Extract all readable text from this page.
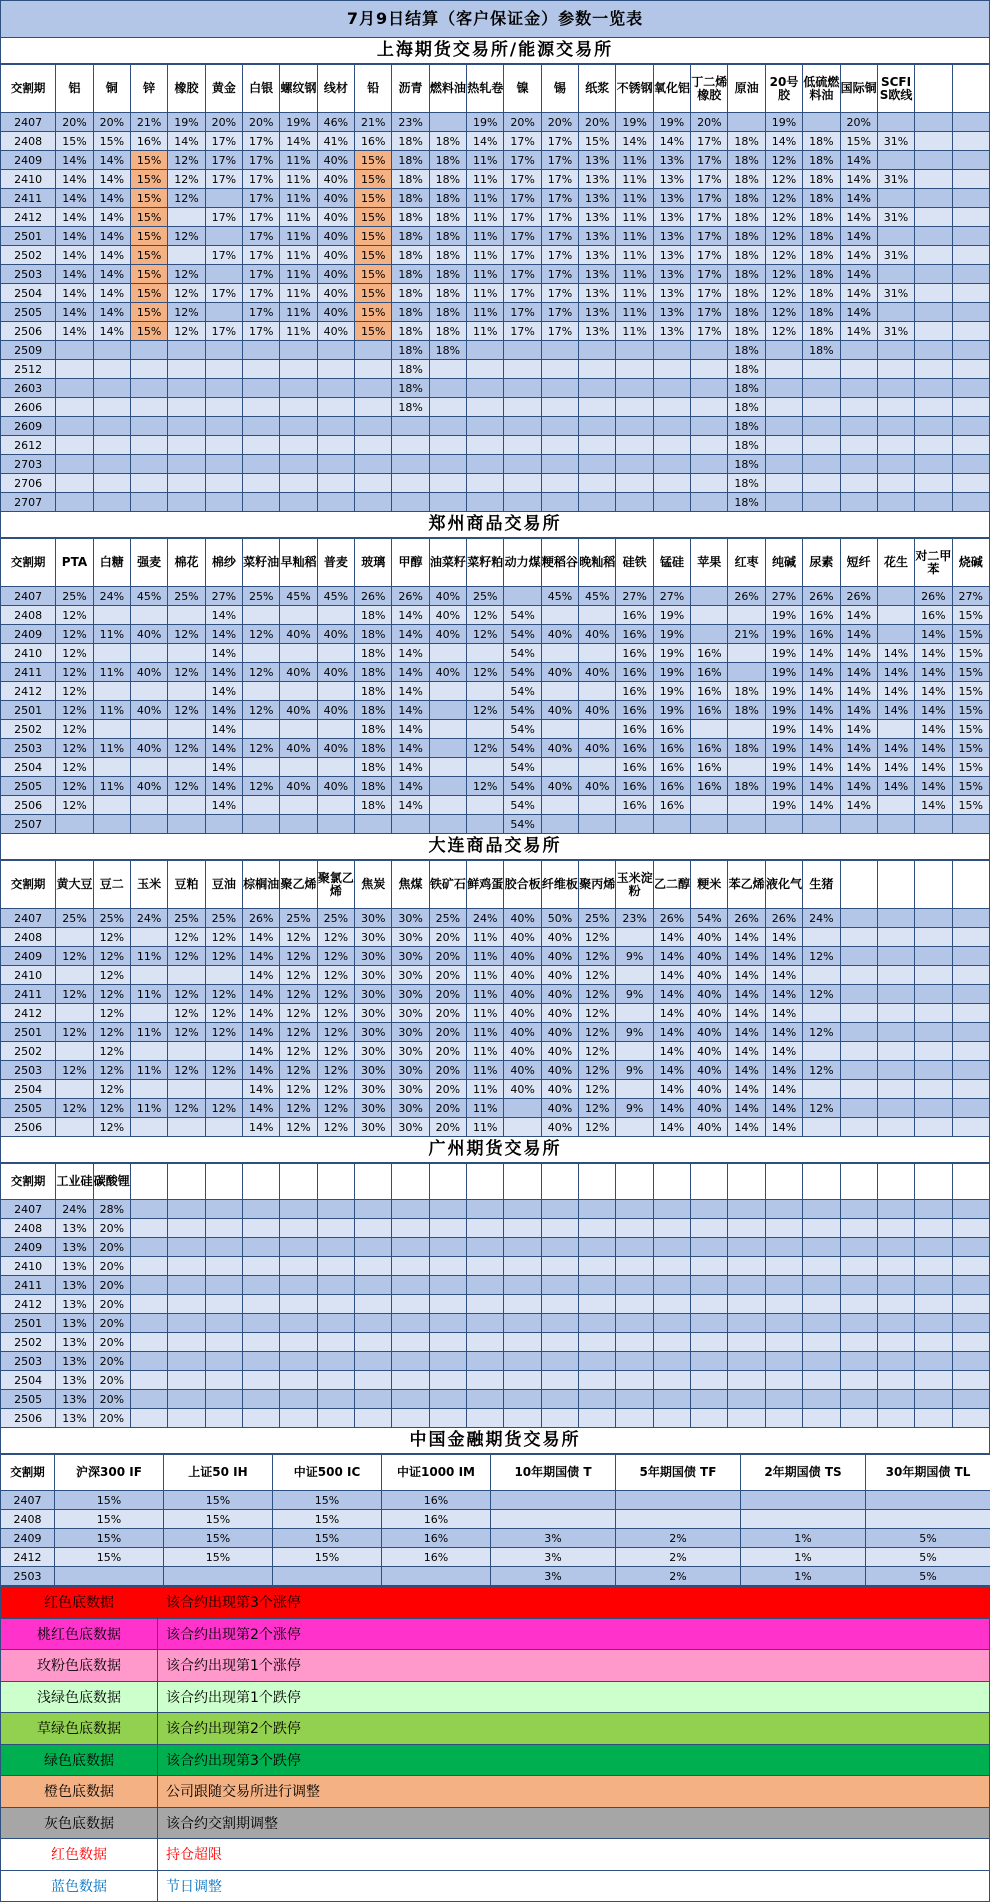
7月9日结算（客户保证金）参数一览表
上海期货交易所/能源交易所
交割期	铝	铜	锌	橡胶	黄金	白银	螺纹钢	线材	铅	沥青	燃料油	热轧卷	镍	锡	纸浆	不锈钢	氧化铝	丁二烯橡胶	原油	20号胶	低硫燃料油	国际铜	SCFIS欧线		
2407	20%	20%	21%	19%	20%	20%	19%	46%	21%	23%		19%	20%	20%	20%	19%	19%	20%		19%		20%			
2408	15%	15%	16%	14%	17%	17%	14%	41%	16%	18%	18%	14%	17%	17%	15%	14%	14%	17%	18%	14%	18%	15%	31%		
2409	14%	14%	15%	12%	17%	17%	11%	40%	15%	18%	18%	11%	17%	17%	13%	11%	13%	17%	18%	12%	18%	14%			
2410	14%	14%	15%	12%	17%	17%	11%	40%	15%	18%	18%	11%	17%	17%	13%	11%	13%	17%	18%	12%	18%	14%	31%		
2411	14%	14%	15%	12%		17%	11%	40%	15%	18%	18%	11%	17%	17%	13%	11%	13%	17%	18%	12%	18%	14%			
2412	14%	14%	15%		17%	17%	11%	40%	15%	18%	18%	11%	17%	17%	13%	11%	13%	17%	18%	12%	18%	14%	31%		
2501	14%	14%	15%	12%		17%	11%	40%	15%	18%	18%	11%	17%	17%	13%	11%	13%	17%	18%	12%	18%	14%			
2502	14%	14%	15%		17%	17%	11%	40%	15%	18%	18%	11%	17%	17%	13%	11%	13%	17%	18%	12%	18%	14%	31%		
2503	14%	14%	15%	12%		17%	11%	40%	15%	18%	18%	11%	17%	17%	13%	11%	13%	17%	18%	12%	18%	14%			
2504	14%	14%	15%	12%	17%	17%	11%	40%	15%	18%	18%	11%	17%	17%	13%	11%	13%	17%	18%	12%	18%	14%	31%		
2505	14%	14%	15%	12%		17%	11%	40%	15%	18%	18%	11%	17%	17%	13%	11%	13%	17%	18%	12%	18%	14%			
2506	14%	14%	15%	12%	17%	17%	11%	40%	15%	18%	18%	11%	17%	17%	13%	11%	13%	17%	18%	12%	18%	14%	31%		
2509										18%	18%								18%		18%				
2512										18%									18%						
2603										18%									18%						
2606										18%									18%						
2609																			18%						
2612																			18%						
2703																			18%						
2706																			18%						
2707																			18%						
郑州商品交易所
交割期	PTA	白糖	强麦	棉花	棉纱	菜籽油	早籼稻	普麦	玻璃	甲醇	油菜籽	菜籽粕	动力煤	粳稻谷	晚籼稻	硅铁	锰硅	苹果	红枣	纯碱	尿素	短纤	花生	对二甲苯	烧碱
2407	25%	24%	45%	25%	27%	25%	45%	45%	26%	26%	40%	25%		45%	45%	27%	27%		26%	27%	26%	26%		26%	27%
2408	12%				14%				18%	14%	40%	12%	54%			16%	19%			19%	16%	14%		16%	15%
2409	12%	11%	40%	12%	14%	12%	40%	40%	18%	14%	40%	12%	54%	40%	40%	16%	19%		21%	19%	16%	14%		14%	15%
2410	12%				14%				18%	14%			54%			16%	19%	16%		19%	14%	14%	14%	14%	15%
2411	12%	11%	40%	12%	14%	12%	40%	40%	18%	14%	40%	12%	54%	40%	40%	16%	19%	16%		19%	14%	14%	14%	14%	15%
2412	12%				14%				18%	14%			54%			16%	19%	16%	18%	19%	14%	14%	14%	14%	15%
2501	12%	11%	40%	12%	14%	12%	40%	40%	18%	14%		12%	54%	40%	40%	16%	19%	16%	18%	19%	14%	14%	14%	14%	15%
2502	12%				14%				18%	14%			54%			16%	16%			19%	14%	14%		14%	15%
2503	12%	11%	40%	12%	14%	12%	40%	40%	18%	14%		12%	54%	40%	40%	16%	16%	16%	18%	19%	14%	14%	14%	14%	15%
2504	12%				14%				18%	14%			54%			16%	16%	16%		19%	14%	14%	14%	14%	15%
2505	12%	11%	40%	12%	14%	12%	40%	40%	18%	14%		12%	54%	40%	40%	16%	16%	16%	18%	19%	14%	14%	14%	14%	15%
2506	12%				14%				18%	14%			54%			16%	16%			19%	14%	14%		14%	15%
2507													54%												
大连商品交易所
交割期	黄大豆	豆二	玉米	豆粕	豆油	棕榈油	聚乙烯	聚氯乙烯	焦炭	焦煤	铁矿石	鲜鸡蛋	胶合板	纤维板	聚丙烯	玉米淀粉	乙二醇	粳米	苯乙烯	液化气	生猪				
2407	25%	25%	24%	25%	25%	26%	25%	25%	30%	30%	25%	24%	40%	50%	25%	23%	26%	54%	26%	26%	24%				
2408		12%		12%	12%	14%	12%	12%	30%	30%	20%	11%	40%	40%	12%		14%	40%	14%	14%					
2409	12%	12%	11%	12%	12%	14%	12%	12%	30%	30%	20%	11%	40%	40%	12%	9%	14%	40%	14%	14%	12%				
2410		12%				14%	12%	12%	30%	30%	20%	11%	40%	40%	12%		14%	40%	14%	14%					
2411	12%	12%	11%	12%	12%	14%	12%	12%	30%	30%	20%	11%	40%	40%	12%	9%	14%	40%	14%	14%	12%				
2412		12%		12%	12%	14%	12%	12%	30%	30%	20%	11%	40%	40%	12%		14%	40%	14%	14%					
2501	12%	12%	11%	12%	12%	14%	12%	12%	30%	30%	20%	11%	40%	40%	12%	9%	14%	40%	14%	14%	12%				
2502		12%				14%	12%	12%	30%	30%	20%	11%	40%	40%	12%		14%	40%	14%	14%					
2503	12%	12%	11%	12%	12%	14%	12%	12%	30%	30%	20%	11%	40%	40%	12%	9%	14%	40%	14%	14%	12%				
2504		12%				14%	12%	12%	30%	30%	20%	11%	40%	40%	12%		14%	40%	14%	14%					
2505	12%	12%	11%	12%	12%	14%	12%	12%	30%	30%	20%	11%		40%	12%	9%	14%	40%	14%	14%	12%				
2506		12%				14%	12%	12%	30%	30%	20%	11%		40%	12%		14%	40%	14%	14%					
广州期货交易所
交割期	工业硅	碳酸锂																							
2407	24%	28%																							
2408	13%	20%																							
2409	13%	20%																							
2410	13%	20%																							
2411	13%	20%																							
2412	13%	20%																							
2501	13%	20%																							
2502	13%	20%																							
2503	13%	20%																							
2504	13%	20%																							
2505	13%	20%																							
2506	13%	20%																							
中国金融期货交易所
交割期	沪深300 IF	上证50 IH	中证500 IC	中证1000 IM	10年期国债 T	5年期国债 TF	2年期国债 TS	30年期国债 TL
2407	15%	15%	15%	16%				
2408	15%	15%	15%	16%				
2409	15%	15%	15%	16%	3%	2%	1%	5%
2412	15%	15%	15%	16%	3%	2%	1%	5%
2503					3%	2%	1%	5%
红色底数据	该合约出现第3个涨停
桃红色底数据	该合约出现第2个涨停
玫粉色底数据	该合约出现第1个涨停
浅绿色底数据	该合约出现第1个跌停
草绿色底数据	该合约出现第2个跌停
绿色底数据	该合约出现第3个跌停
橙色底数据	公司跟随交易所进行调整
灰色底数据	该合约交割期调整
红色数据	持仓超限
蓝色数据	节日调整
